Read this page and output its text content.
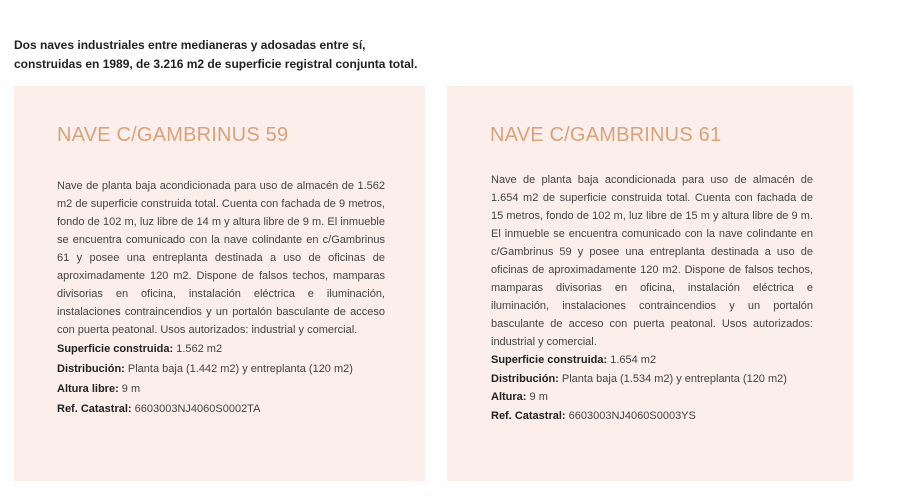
Dos naves industriales entre medianeras y adosadas entre sí, construidas en 1989, de 3.216 m2 de superficie registral conjunta total.

NAVE C/GAMBRINUS 59

Nave de planta baja acondicionada para uso de almacén de 1.562 m2 de superficie construida total. Cuenta con fachada de 9 metros, fondo de 102 m, luz libre de 14 m y altura libre de 9 m. El inmueble se encuentra comunicado con la nave colindante en c/Gambrinus 61 y posee una entreplanta destinada a uso de oficinas de aproximadamente 120 m2. Dispone de falsos techos, mamparas divisorias en oficina, instalación eléctrica e iluminación, instalaciones contraincendios y un portalón basculante de acceso con puerta peatonal. Usos autorizados: industrial y comercial.

Superficie construida: 1.562 m2

Distribución: Planta baja (1.442 m2) y entreplanta (120 m2)

Altura libre: 9 m

Ref. Catastral: 6603003NJ4060S0002TA

NAVE C/GAMBRINUS 61

Nave de planta baja acondicionada para uso de almacén de 1.654 m2 de superficie construida total. Cuenta con fachada de 15 metros, fondo de 102 m, luz libre de 15 m y altura libre de 9 m. El inmueble se encuentra comunicado con la nave colindante en c/Gambrinus 59 y posee una entreplanta destinada a uso de oficinas de aproximadamente 120 m2. Dispone de falsos techos, mamparas divisorias en oficina, instalación eléctrica e iluminación, instalaciones contraincendios y un portalón basculante de acceso con puerta peatonal. Usos autorizados: industrial y comercial.

Superficie construida: 1.654 m2

Distribución: Planta baja (1.534 m2) y entreplanta (120 m2)

Altura: 9 m

Ref. Catastral: 6603003NJ4060S0003YS
